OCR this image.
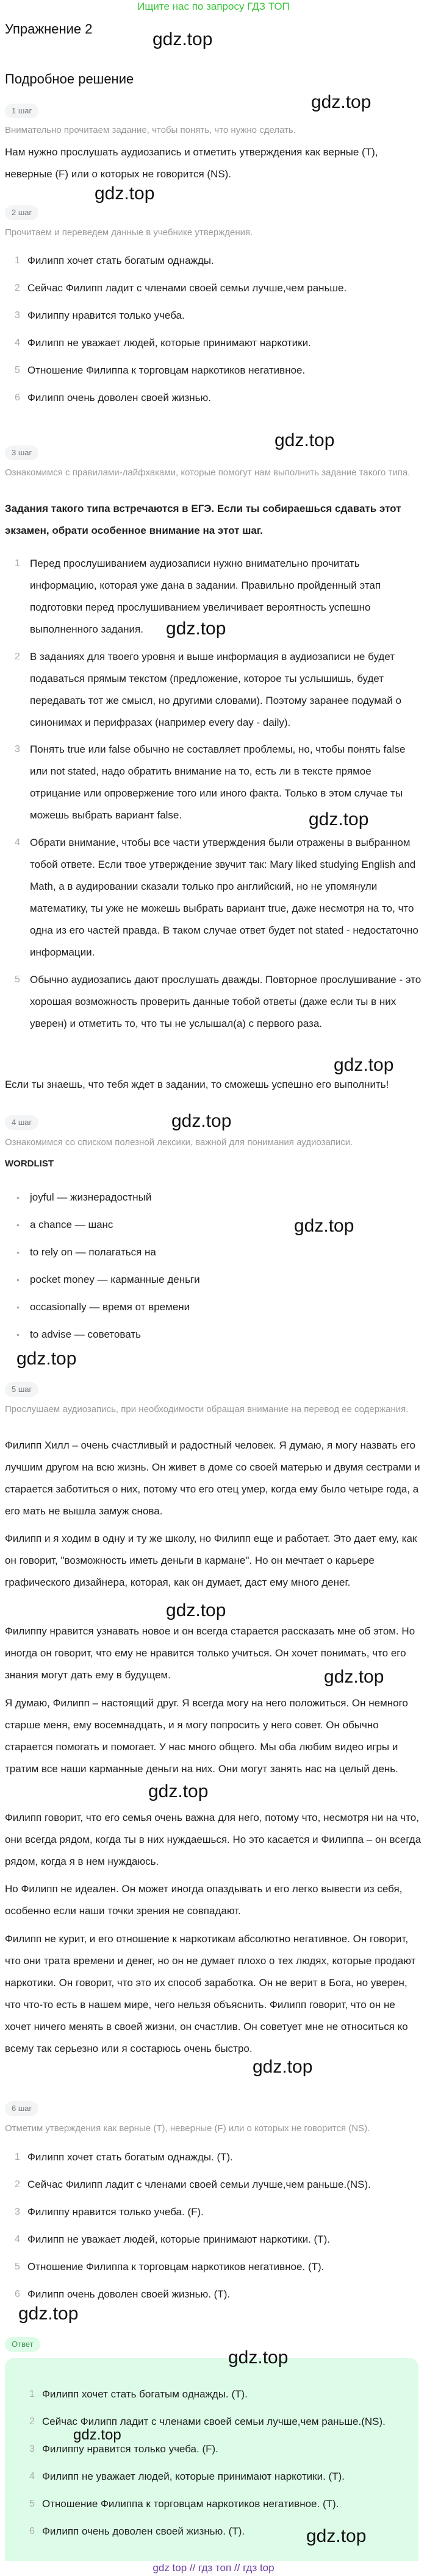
Ищите нас по запросу ГДЗ ТОП
Упражнение 2
Подробное решение
gdz.top
gdz.top
gdz.top
gdz.top
gdz.top
gdz.top
gdz.top
gdz.top
gdz.top
gdz.top
gdz.top
gdz.top
gdz.top
gdz.top
gdz.top
1 шаг
Внимательно прочитаем задание, чтобы понять, что нужно сделать.
Нам нужно прослушать аудиозапись и отметить утверждения как верные (Т), неверные (F) или о которых не говорится (NS).
2 шаг
Прочитаем и переведем данные в учебнике утверждения.
1 Филипп хочет стать богатым однажды.
2 Сейчас Филипп ладит с членами своей семьи лучше,чем раньше.
3 Филиппу нравится только учеба.
4 Филипп не уважает людей, которые принимают наркотики.
5 Отношение Филиппа к торговцам наркотиков негативное.
6 Филипп очень доволен своей жизнью.
3 шаг
Ознакомимся с правилами-лайфхаками, которые помогут нам выполнить задание такого типа.
Задания такого типа встречаются в ЕГЭ. Если ты собираешься сдавать этот экзамен, обрати особенное внимание на этот шаг.
1 Перед прослушиванием аудиозаписи нужно внимательно прочитать информацию, которая уже дана в задании. Правильно пройденный этап подготовки перед прослушиванием увеличивает вероятность успешно выполненного задания.
2 В заданиях для твоего уровня и выше информация в аудиозаписи не будет подаваться прямым текстом (предложение, которое ты услышишь, будет передавать тот же смысл, но другими словами). Поэтому заранее подумай о синонимах и перифразах (например every day - daily).
3 Понять true или false обычно не составляет проблемы, но, чтобы понять false или not stated, надо обратить внимание на то, есть ли в тексте прямое отрицание или опровержение того или иного факта. Только в этом случае ты можешь выбрать вариант false.
4 Обрати внимание, чтобы все части утверждения были отражены в выбранном тобой ответе. Если твое утверждение звучит так: Mary liked studying English and Math, а в аудировании сказали только про английский, но не упомянули математику, ты уже не можешь выбрать вариант true, даже несмотря на то, что одна из его частей правда. В таком случае ответ будет not stated - недостаточно информации.
5 Обычно аудиозапись дают прослушать дважды. Повторное прослушивание - это хорошая возможность проверить данные тобой ответы (даже если ты в них уверен) и отметить то, что ты не услышал(а) с первого раза.
Если ты знаешь, что тебя ждет в задании, то сможешь успешно его выполнить!
4 шаг
Ознакомимся со списком полезной лексики, важной для понимания аудиозаписи.
WORDLIST
• joyful — жизнерадостный
• a chance — шанс
• to rely on — полагаться на
• pocket money — карманные деньги
• occasionally — время от времени
• to advise — советовать
5 шаг
Прослушаем аудиозапись, при необходимости обращая внимание на перевод ее содержания.
Филипп Хилл – очень счастливый и радостный человек. Я думаю, я могу назвать его лучшим другом на всю жизнь. Он живет в доме со своей матерью и двумя сестрами и старается заботиться о них, потому что его отец умер, когда ему было четыре года, а его мать не вышла замуж снова.
Филипп и я ходим в одну и ту же школу, но Филипп еще и работает. Это дает ему, как он говорит, "возможность иметь деньги в кармане". Но он мечтает о карьере графического дизайнера, которая, как он думает, даст ему много денег.
Филиппу нравится узнавать новое и он всегда старается рассказать мне об этом. Но иногда он говорит, что ему не нравится только учиться. Он хочет понимать, что его знания могут дать ему в будущем.
Я думаю, Филипп – настоящий друг. Я всегда могу на него положиться. Он немного старше меня, ему восемнадцать, и я могу попросить у него совет. Он обычно старается помогать и помогает. У нас много общего. Мы оба любим видео игры и тратим все наши карманные деньги на них. Они могут занять нас на целый день.
Филипп говорит, что его семья очень важна для него, потому что, несмотря ни на что, они всегда рядом, когда ты в них нуждаешься. Но это касается и Филиппа – он всегда рядом, когда я в нем нуждаюсь.
Но Филипп не идеален. Он может иногда опаздывать и его легко вывести из себя, особенно если наши точки зрения не совпадают.
Филипп не курит, и его отношение к наркотикам абсолютно негативное. Он говорит, что они трата времени и денег, но он не думает плохо о тех людях, которые продают наркотики. Он говорит, что это их способ заработка. Он не верит в Бога, но уверен, что что-то есть в нашем мире, чего нельзя объяснить. Филипп говорит, что он не хочет ничего менять в своей жизни, он счастлив. Он советует мне не относиться ко всему так серьезно или я состарюсь очень быстро.
6 шаг
Отметим утверждения как верные (Т), неверные (F) или о которых не говорится (NS).
1 Филипп хочет стать богатым однажды. (Т).
2 Сейчас Филипп ладит с членами своей семьи лучше,чем раньше.(NS).
3 Филиппу нравится только учеба. (F).
4 Филипп не уважает людей, которые принимают наркотики. (Т).
5 Отношение Филиппа к торговцам наркотиков негативное. (Т).
6 Филипп очень доволен своей жизнью. (Т).
Ответ
gdz.top
1 Филипп хочет стать богатым однажды. (Т).
2 Сейчас Филипп ладит с членами своей семьи лучше,чем раньше.(NS).
gdz.top
3 Филиппу нравится только учеба. (F).
4 Филипп не уважает людей, которые принимают наркотики. (Т).
5 Отношение Филиппа к торговцам наркотиков негативное. (Т).
6 Филипп очень доволен своей жизнью. (Т).	gdz.top
gdz top // гдз топ // гдз top
